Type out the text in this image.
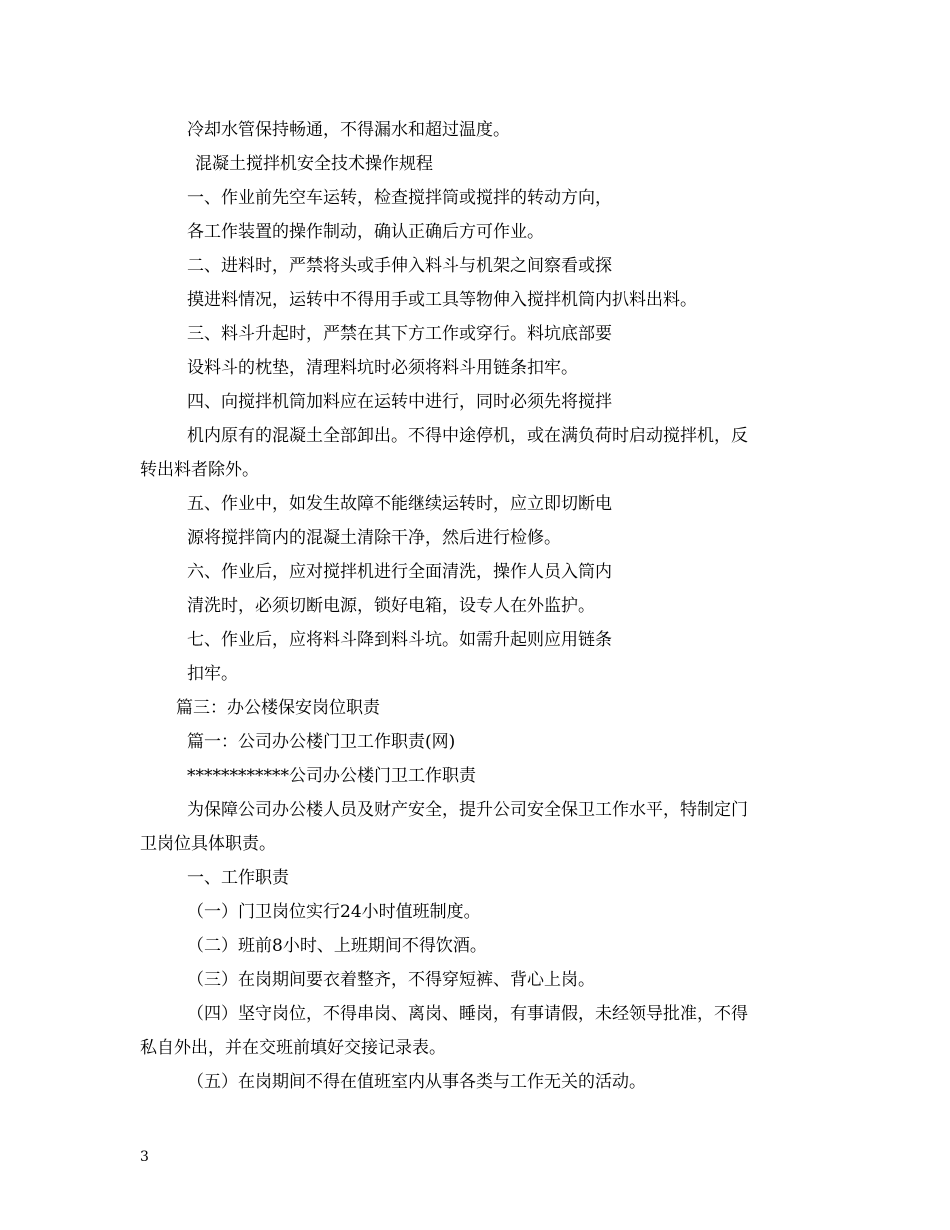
冷却水管保持畅通，不得漏水和超过温度。
混凝土搅拌机安全技术操作规程
一、作业前先空车运转，检查搅拌筒或搅拌的转动方向，
各工作装置的操作制动，确认正确后方可作业。
二、进料时，严禁将头或手伸入料斗与机架之间察看或探
摸进料情况，运转中不得用手或工具等物伸入搅拌机筒内扒料出料。
三、料斗升起时，严禁在其下方工作或穿行。料坑底部要
设料斗的枕垫，清理料坑时必须将料斗用链条扣牢。
四、向搅拌机筒加料应在运转中进行，同时必须先将搅拌
机内原有的混凝土全部卸出。不得中途停机，或在满负荷时启动搅拌机，反
转出料者除外。
五、作业中，如发生故障不能继续运转时，应立即切断电
源将搅拌筒内的混凝土清除干净，然后进行检修。
六、作业后，应对搅拌机进行全面清洗，操作人员入筒内
清洗时，必须切断电源，锁好电箱，设专人在外监护。
七、作业后，应将料斗降到料斗坑。如需升起则应用链条
扣牢。
篇三：办公楼保安岗位职责
篇一：公司办公楼门卫工作职责(网)
************公司办公楼门卫工作职责
为保障公司办公楼人员及财产安全，提升公司安全保卫工作水平，特制定门
卫岗位具体职责。
一、工作职责
（一）门卫岗位实行24小时值班制度。
（二）班前8小时、上班期间不得饮酒。
（三）在岗期间要衣着整齐，不得穿短裤、背心上岗。
（四）坚守岗位，不得串岗、离岗、睡岗，有事请假，未经领导批准，不得
私自外出，并在交班前填好交接记录表。
（五）在岗期间不得在值班室内从事各类与工作无关的活动。
3
